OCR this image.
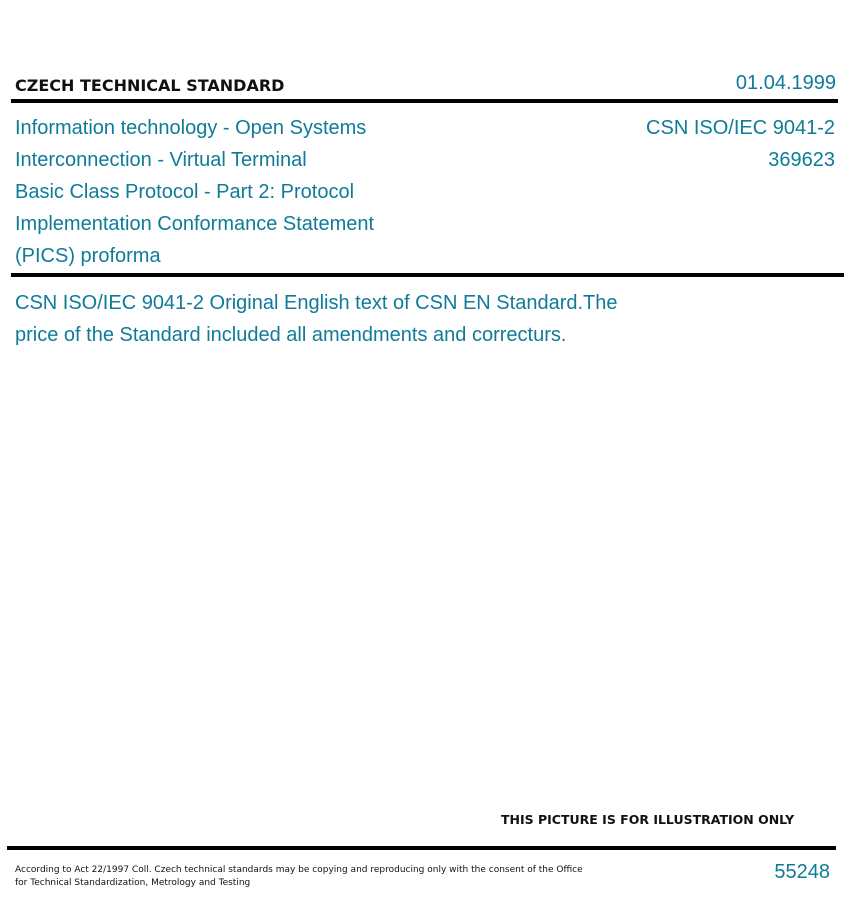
CZECH TECHNICAL STANDARD	01.04.1999
Information technology - Open Systems
Interconnection - Virtual Terminal
Basic Class Protocol - Part 2: Protocol
Implementation Conformance Statement
(PICS) proforma
CSN ISO/IEC 9041-2
369623
CSN ISO/IEC 9041-2 Original English text of CSN EN Standard.The
price of the Standard included all amendments and correcturs.
THIS PICTURE IS FOR ILLUSTRATION ONLY
According to Act 22/1997 Coll. Czech technical standards may be copying and reproducing only with the consent of the Office
for Technical Standardization, Metrology and Testing	55248
